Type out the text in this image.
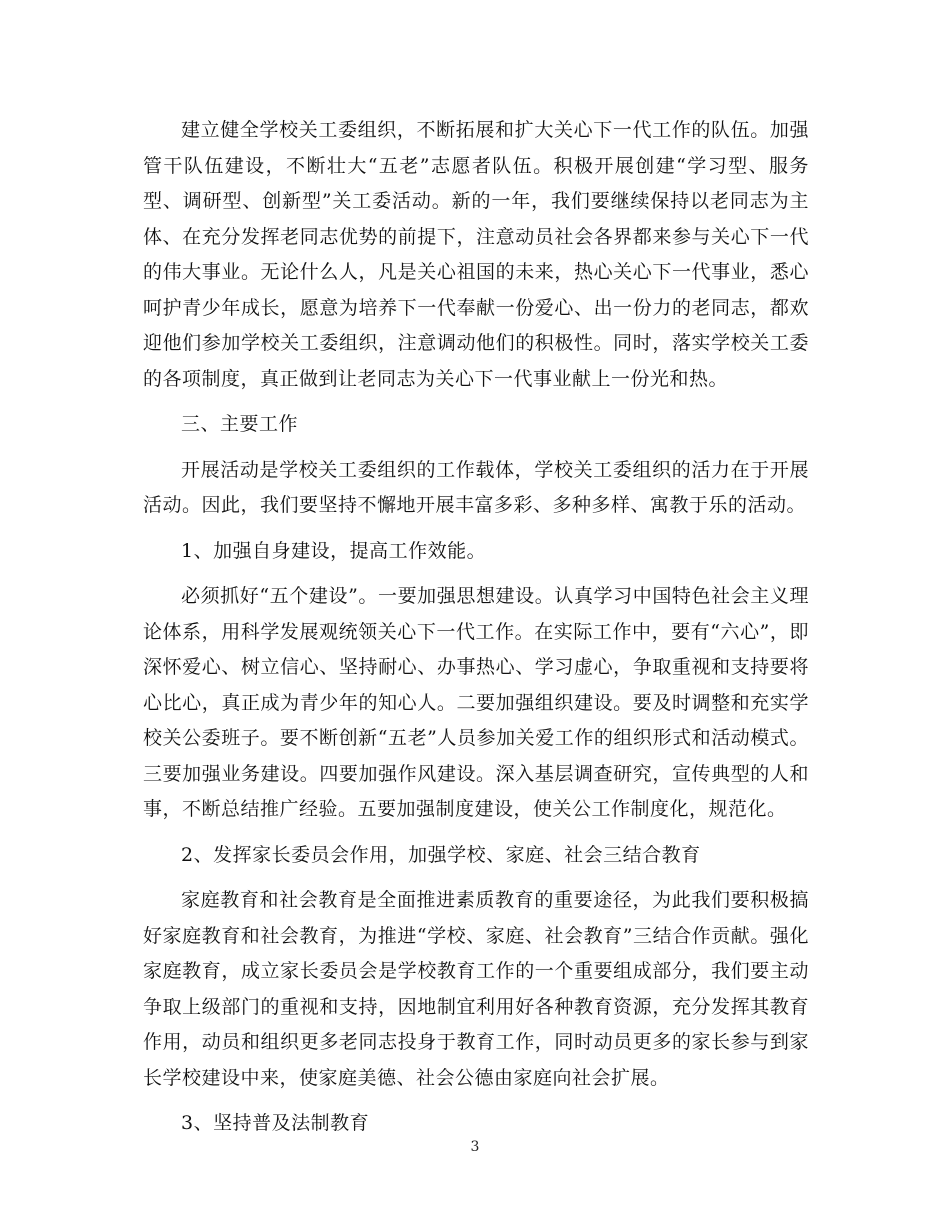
建立健全学校关工委组织，不断拓展和扩大关心下一代工作的队伍。加强管干队伍建设，不断壮大“五老”志愿者队伍。积极开展创建“学习型、服务型、调研型、创新型”关工委活动。新的一年，我们要继续保持以老同志为主体、在充分发挥老同志优势的前提下，注意动员社会各界都来参与关心下一代的伟大事业。无论什么人，凡是关心祖国的未来，热心关心下一代事业，悉心呵护青少年成长，愿意为培养下一代奉献一份爱心、出一份力的老同志，都欢迎他们参加学校关工委组织，注意调动他们的积极性。同时，落实学校关工委的各项制度，真正做到让老同志为关心下一代事业献上一份光和热。

三、主要工作

开展活动是学校关工委组织的工作载体，学校关工委组织的活力在于开展活动。因此，我们要坚持不懈地开展丰富多彩、多种多样、寓教于乐的活动。

1、加强自身建设，提高工作效能。

必须抓好“五个建设”。一要加强思想建设。认真学习中国特色社会主义理论体系，用科学发展观统领关心下一代工作。在实际工作中，要有“六心”，即深怀爱心、树立信心、坚持耐心、办事热心、学习虚心，争取重视和支持要将心比心，真正成为青少年的知心人。二要加强组织建设。要及时调整和充实学校关公委班子。要不断创新“五老”人员参加关爱工作的组织形式和活动模式。三要加强业务建设。四要加强作风建设。深入基层调查研究，宣传典型的人和事，不断总结推广经验。五要加强制度建设，使关公工作制度化，规范化。

2、发挥家长委员会作用，加强学校、家庭、社会三结合教育

家庭教育和社会教育是全面推进素质教育的重要途径，为此我们要积极搞好家庭教育和社会教育，为推进“学校、家庭、社会教育”三结合作贡献。强化家庭教育，成立家长委员会是学校教育工作的一个重要组成部分，我们要主动争取上级部门的重视和支持，因地制宜利用好各种教育资源，充分发挥其教育作用，动员和组织更多老同志投身于教育工作，同时动员更多的家长参与到家长学校建设中来，使家庭美德、社会公德由家庭向社会扩展。

3、坚持普及法制教育

3
